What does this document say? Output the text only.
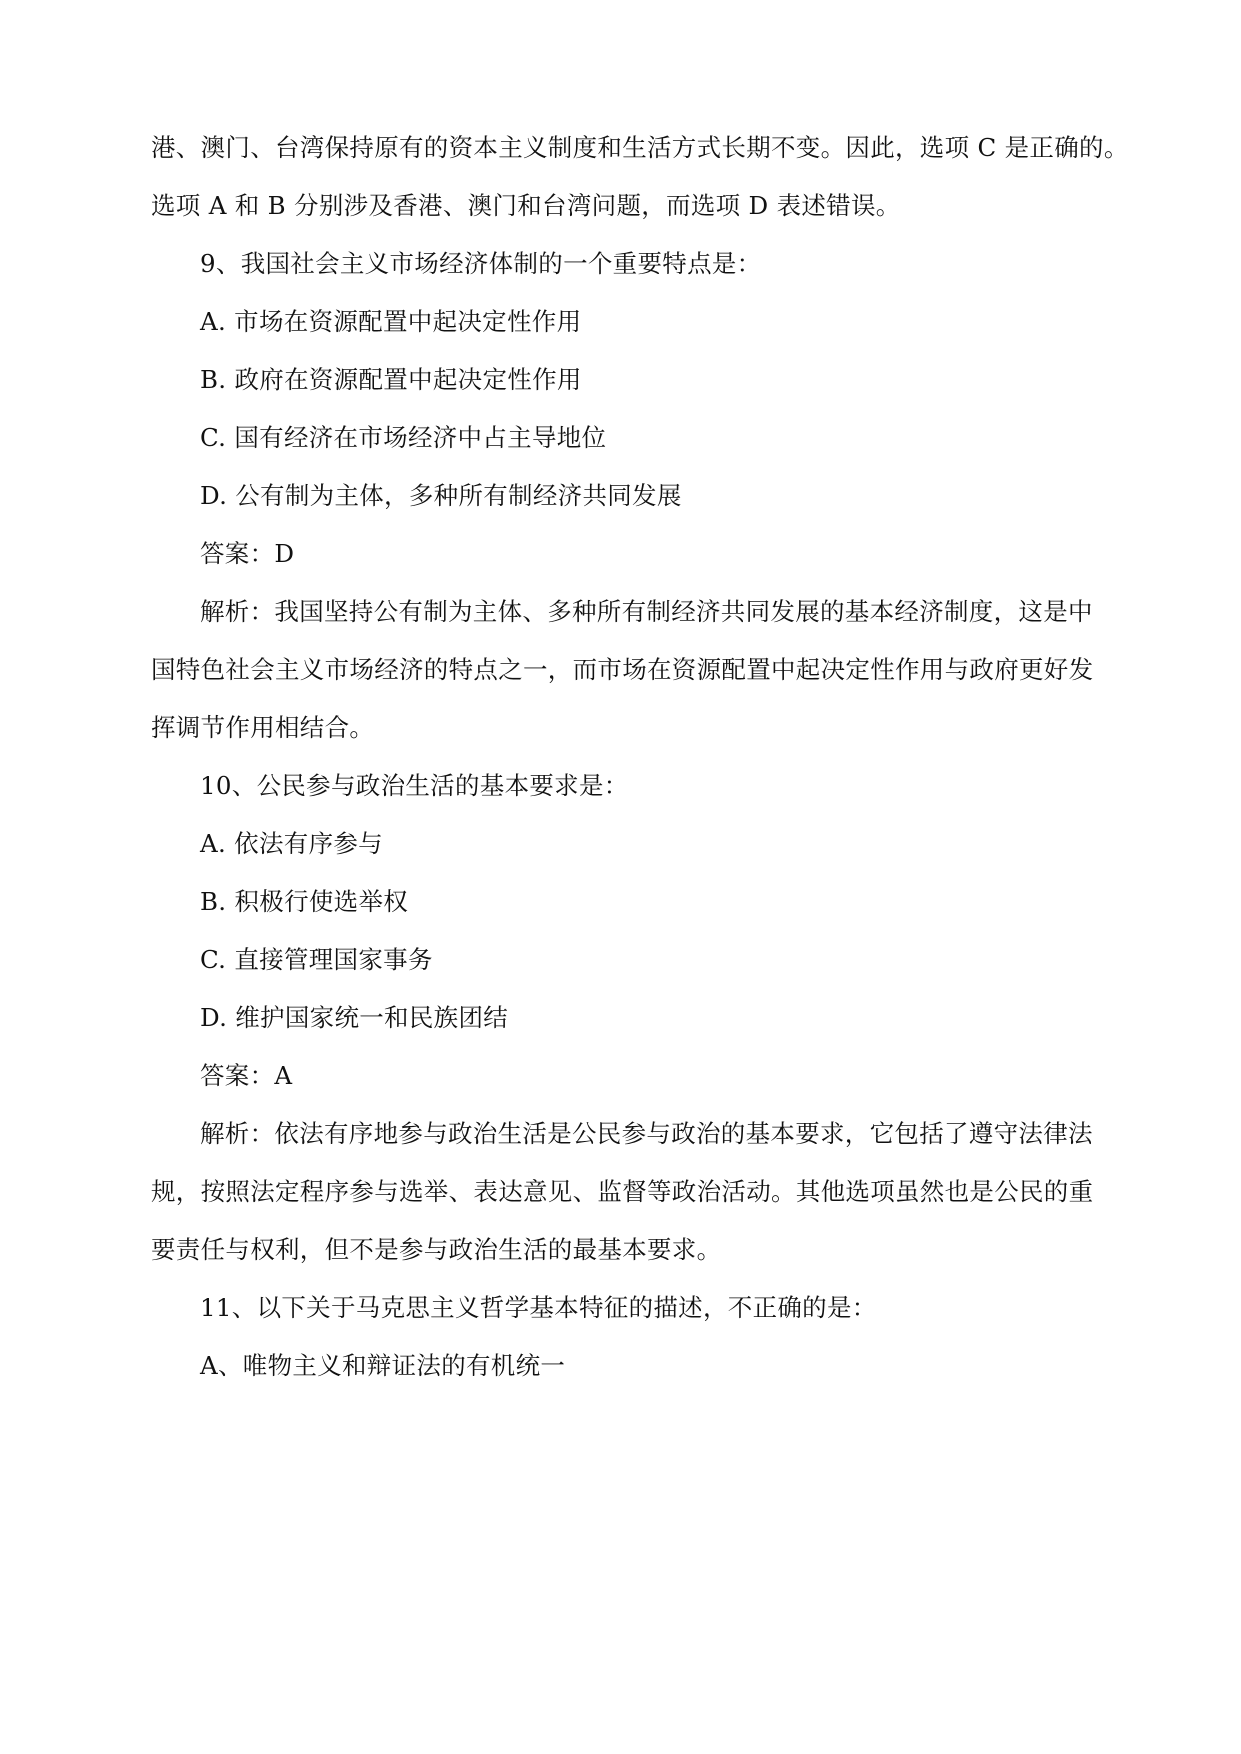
港、澳门、台湾保持原有的资本主义制度和生活方式长期不变。因此，选项 C 是正确的。
选项 A 和 B 分别涉及香港、澳门和台湾问题，而选项 D 表述错误。
9、我国社会主义市场经济体制的一个重要特点是：
A. 市场在资源配置中起决定性作用
B. 政府在资源配置中起决定性作用
C. 国有经济在市场经济中占主导地位
D. 公有制为主体，多种所有制经济共同发展
答案：D
解析：我国坚持公有制为主体、多种所有制经济共同发展的基本经济制度，这是中
国特色社会主义市场经济的特点之一，而市场在资源配置中起决定性作用与政府更好发
挥调节作用相结合。
10、公民参与政治生活的基本要求是：
A. 依法有序参与
B. 积极行使选举权
C. 直接管理国家事务
D. 维护国家统一和民族团结
答案：A
解析：依法有序地参与政治生活是公民参与政治的基本要求，它包括了遵守法律法
规，按照法定程序参与选举、表达意见、监督等政治活动。其他选项虽然也是公民的重
要责任与权利，但不是参与政治生活的最基本要求。
11、以下关于马克思主义哲学基本特征的描述，不正确的是：
A、唯物主义和辩证法的有机统一
